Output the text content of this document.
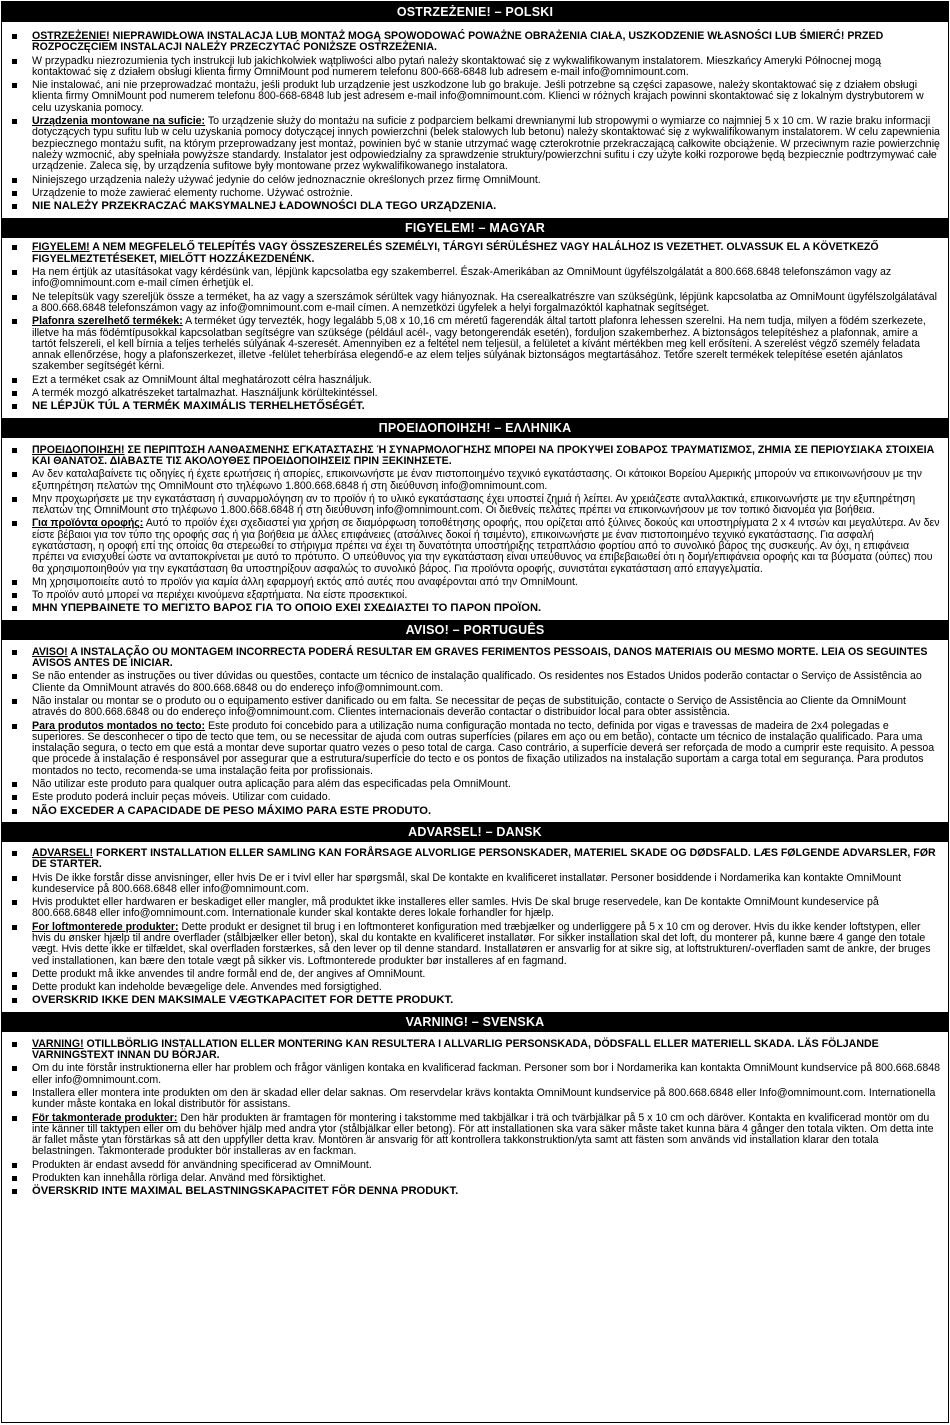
OSTRZEŻENIE! – POLSKI
OSTRZEŻENIE! NIEPRAWIDŁOWA INSTALACJA LUB MONTAŻ MOGĄ SPOWODOWAĆ POWAŻNE OBRAŻENIA CIAŁA, USZKODZENIE WŁASNOŚCI LUB ŚMIERĆ! PRZED ROZPOCZĘCIEM INSTALACJI NALEŻY PRZECZYTAĆ PONIŻSZE OSTRZEŻENIA.
W przypadku niezrozumienia tych instrukcji lub jakichkolwiek wątpliwości albo pytań należy skontaktować się z wykwalifikowanym instalatorem. Mieszkańcy Ameryki Północnej mogą kontaktować się z działem obsługi klienta firmy OmniMount pod numerem telefonu 800-668-6848 lub adresem e-mail info@omnimount.com.
Nie instalować, ani nie przeprowadzać montażu, jeśli produkt lub urządzenie jest uszkodzone lub go brakuje. Jeśli potrzebne są części zapasowe, należy skontaktować się z działem obsługi klienta firmy OmniMount pod numerem telefonu 800-668-6848 lub jest adresem e-mail info@omnimount.com. Klienci w różnych krajach powinni skontaktować się z lokalnym dystrybutorem w celu uzyskania pomocy.
Urządzenia montowane na suficie: To urządzenie służy do montażu na suficie z podparciem belkami drewnianymi lub stropowymi o wymiarze co najmniej 5 x 10 cm. W razie braku informacji dotyczących typu sufitu lub w celu uzyskania pomocy dotyczącej innych powierzchni (belek stalowych lub betonu) należy skontaktować się z wykwalifikowanym instalatorem. W celu zapewnienia bezpiecznego montażu sufit, na którym przeprowadzany jest montaż, powinien być w stanie utrzymać wagę czterokrotnie przekraczającą całkowite obciążenie. W przeciwnym razie powierzchnię należy wzmocnić, aby spełniała powyższe standardy. Instalator jest odpowiedzialny za sprawdzenie struktury/powierzchni sufitu i czy użyte kołki rozporowe będą bezpiecznie podtrzymywać całe urządzenie. Zaleca się, by urządzenia sufitowe były montowane przez wykwalifikowanego instalatora.
Niniejszego urządzenia należy używać jedynie do celów jednoznacznie określonych przez firmę OmniMount.
Urządzenie to może zawierać elementy ruchome. Używać ostrożnie.
NIE NALEŻY PRZEKRACZAĆ MAKSYMALNEJ ŁADOWNOŚCI DLA TEGO URZĄDZENIA.
FIGYELEM! – MAGYAR
FIGYELEM! A NEM MEGFELELŐ TELEPÍTÉS VAGY ÖSSZESZERELÉS SZEMÉLYI, TÁRGYI SÉRÜLÉSHEZ VAGY HALÁLHOZ IS VEZETHET. OLVASSUK EL A KÖVETKEZŐ FIGYELMEZTETÉSEKET, MIELŐTT HOZZÁKEZDENÉNK.
Ha nem értjük az utasításokat vagy kérdésünk van, lépjünk kapcsolatba egy szakemberrel. Észak-Amerikában az OmniMount ügyfélszolgálatát a 800.668.6848 telefonszámon vagy az info@omnimount.com e-mail címen érhetjük el.
Ne telepítsük vagy szereljük össze a terméket, ha az vagy a szerszámok sérültek vagy hiányoznak. Ha cserealkatrészre van szükségünk, lépjünk kapcsolatba az OmniMount ügyfélszolgálatával a 800.668.6848 telefonszámon vagy az info@omnimount.com e-mail címen. A nemzetközi ügyfelek a helyi forgalmazóktól kaphatnak segítséget.
Plafonra szerelhető termékek: A terméket úgy tervezték, hogy legalább 5,08 x 10,16 cm méretű fagerendák által tartott plafonra lehessen szerelni. Ha nem tudja, milyen a födém szerkezete, illetve ha más födémtípusokkal kapcsolatban segítségre van szüksége (például acél-, vagy betongerendák esetén), forduljon szakemberhez. A biztonságos telepítéshez a plafonnak, amire a tartót felszereli, el kell bírnia a teljes terhelés súlyának 4-szeresét. Amennyiben ez a feltétel nem teljesül, a felületet a kívánt mértékben meg kell erősíteni. A szerelést végző személy feladata annak ellenőrzése, hogy a plafonszerkezet, illetve -felület teherbírása elegendő-e az elem teljes súlyának biztonságos megtartásához. Tetőre szerelt termékek telepítése esetén ajánlatos szakember segítségét kérni.
Ezt a terméket csak az OmniMount által meghatározott célra használjuk.
A termék mozgó alkatrészeket tartalmazhat. Használjunk körültekintéssel.
NE LÉPJÜK TÚL A TERMÉK MAXIMÁLIS TERHELHETŐSÉGÉT.
ΠΡΟΕΙΔΟΠΟΙΗΣΗ! – ΕΛΛΗΝΙΚΑ
ΠΡΟΕΙΔΟΠΟΙΗΣΗ! ΣΕ ΠΕΡΙΠΤΩΣΗ ΛΑΝΘΑΣΜΕΝΗΣ ΕΓΚΑΤΑΣΤΑΣΗΣ Ή ΣΥΝΑΡΜΟΛΟΓΗΣΗΣ ΜΠΟΡΕΙ ΝΑ ΠΡΟΚΥΨΕΙ ΣΟΒΑΡΟΣ ΤΡΑΥΜΑΤΙΣΜΟΣ, ΖΗΜΙΑ ΣΕ ΠΕΡΙΟΥΣΙΑΚΑ ΣΤΟΙΧΕΙΑ ΚΑΙ ΘΑΝΑΤΟΣ. ΔΙΑΒΑΣΤΕ ΤΙΣ ΑΚΟΛΟΥΘΕΣ ΠΡΟΕΙΔΟΠΟΙΗΣΕΙΣ ΠΡΙΝ ΞΕΚΙΝΗΣΕΤΕ.
Αν δεν καταλαβαίνετε τις οδηγίες ή έχετε ερωτήσεις ή απορίες, επικοινωνήστε με έναν πιστοποιημένο τεχνικό εγκατάστασης. Οι κάτοικοι Βορείου Αμερικής μπορούν να επικοινωνήσουν με την εξυπηρέτηση πελατών της OmniMount στο τηλέφωνο 1.800.668.6848 ή στη διεύθυνση info@omnimount.com.
Μην προχωρήσετε με την εγκατάσταση ή συναρμολόγηση αν το προϊόν ή το υλικό εγκατάστασης έχει υποστεί ζημιά ή λείπει. Αν χρειάζεστε ανταλλακτικά, επικοινωνήστε με την εξυπηρέτηση πελατών της OmniMount στο τηλέφωνο 1.800.668.6848 ή στη διεύθυνση info@omnimount.com. Οι διεθνείς πελάτες πρέπει να επικοινωνήσουν με τον τοπικό διανομέα για βοήθεια.
Για προϊόντα οροφής: Αυτό το προϊόν έχει σχεδιαστεί για χρήση σε διαμόρφωση τοποθέτησης οροφής, που ορίζεται από ξύλινες δοκούς και υποστηρίγματα 2 x 4 ιντσών και μεγαλύτερα. Αν δεν είστε βέβαιοι για τον τύπο της οροφής σας ή για βοήθεια με άλλες επιφάνειες (ατσάλινες δοκοί ή τσιμέντο), επικοινωνήστε με έναν πιστοποιημένο τεχνικό εγκατάστασης. Για ασφαλή εγκατάσταση, η οροφή επί της οποίας θα στερεωθεί το στήριγμα πρέπει να έχει τη δυνατότητα υποστήριξης τετραπλάσιο φορτίου από το συνολικό βάρος της συσκευής. Αν όχι, η επιφάνεια πρέπει να ενισχυθεί ώστε να ανταποκρίνεται με αυτό το πρότυπο. Ο υπεύθυνος για την εγκατάσταση είναι υπεύθυνος να επιβεβαιωθεί ότι η δομή/επιφάνεια οροφής και τα βύσματα (ούπες) που θα χρησιμοποιηθούν για την εγκατάσταση θα υποστηρίξουν ασφαλώς το συνολικό βάρος. Για προϊόντα οροφής, συνιστάται εγκατάσταση από επαγγελματία.
Μη χρησιμοποιείτε αυτό το προϊόν για καμία άλλη εφαρμογή εκτός από αυτές που αναφέρονται από την OmniMount.
Το προϊόν αυτό μπορεί να περιέχει κινούμενα εξαρτήματα. Να είστε προσεκτικοί.
ΜΗΝ ΥΠΕΡΒΑΙΝΕΤΕ ΤΟ ΜΕΓΙΣΤΟ ΒΑΡΟΣ ΓΙΑ ΤΟ ΟΠΟΙΟ ΕΧΕΙ ΣΧΕΔΙΑΣΤΕΙ ΤΟ ΠΑΡΟΝ ΠΡΟΪΟΝ.
AVISO! – PORTUGUÊS
AVISO! A INSTALAÇÃO OU MONTAGEM INCORRECTA PODERÁ RESULTAR EM GRAVES FERIMENTOS PESSOAIS, DANOS MATERIAIS OU MESMO MORTE. LEIA OS SEGUINTES AVISOS ANTES DE INICIAR.
Se não entender as instruções ou tiver dúvidas ou questões, contacte um técnico de instalação qualificado. Os residentes nos Estados Unidos poderão contactar o Serviço de Assistência ao Cliente da OmniMount através do 800.668.6848 ou do endereço info@omnimount.com.
Não instalar ou montar se o produto ou o equipamento estiver danificado ou em falta. Se necessitar de peças de substituição, contacte o Serviço de Assistência ao Cliente da OmniMount através do 800.668.6848 ou do endereço info@omnimount.com. Clientes internacionais deverão contactar o distribuidor local para obter assistência.
Para produtos montados no tecto: Este produto foi concebido para a utilização numa configuração montada no tecto, definida por vigas e travessas de madeira de 2x4 polegadas e superiores. Se desconhecer o tipo de tecto que tem, ou se necessitar de ajuda com outras superfícies (pilares em aço ou em betão), contacte um técnico de instalação qualificado. Para uma instalação segura, o tecto em que está a montar deve suportar quatro vezes o peso total de carga. Caso contrário, a superfície deverá ser reforçada de modo a cumprir este requisito. A pessoa que procede à instalação é responsável por assegurar que a estrutura/superfície do tecto e os pontos de fixação utilizados na instalação suportam a carga total em segurança. Para produtos montados no tecto, recomenda-se uma instalação feita por profissionais.
Não utilizar este produto para qualquer outra aplicação para além das especificadas pela OmniMount.
Este produto poderá incluir peças móveis. Utilizar com cuidado.
NÃO EXCEDER A CAPACIDADE DE PESO MÁXIMO PARA ESTE PRODUTO.
ADVARSEL! – DANSK
ADVARSEL! FORKERT INSTALLATION ELLER SAMLING KAN FORÅRSAGE ALVORLIGE PERSONSKADER, MATERIEL SKADE OG DØDSFALD. LÆS FØLGENDE ADVARSLER, FØR DE STARTER.
Hvis De ikke forstår disse anvisninger, eller hvis De er i tvivl eller har spørgsmål, skal De kontakte en kvalificeret installatør. Personer bosiddende i Nordamerika kan kontakte OmniMount kundeservice på 800.668.6848 eller info@omnimount.com.
Hvis produktet eller hardwaren er beskadiget eller mangler, må produktet ikke installeres eller samles. Hvis De skal bruge reservedele, kan De kontakte OmniMount kundeservice på 800.668.6848 eller info@omnimount.com. Internationale kunder skal kontakte deres lokale forhandler for hjælp.
For loftmonterede produkter: Dette produkt er designet til brug i en loftmonteret konfiguration med træbjælker og underliggere på 5 x 10 cm og derover. Hvis du ikke kender loftstypen, eller hvis du ønsker hjælp til andre overflader (stålbjælker eller beton), skal du kontakte en kvalificeret installatør. For sikker installation skal det loft, du monterer på, kunne bære 4 gange den totale vægt. Hvis dette ikke er tilfældet, skal overfladen forstærkes, så den lever op til denne standard. Installatøren er ansvarlig for at sikre sig, at loftstrukturen/-overfladen samt de ankre, der bruges ved installationen, kan bære den totale vægt på sikker vis. Loftmonterede produkter bør installeres af en fagmand.
Dette produkt må ikke anvendes til andre formål end de, der angives af OmniMount.
Dette produkt kan indeholde bevægelige dele. Anvendes med forsigtighed.
OVERSKRID IKKE DEN MAKSIMALE VÆGTKAPACITET FOR DETTE PRODUKT.
VARNING! – SVENSKA
VARNING! OTILLBÖRLIG INSTALLATION ELLER MONTERING KAN RESULTERA I ALLVARLIG PERSONSKADA, DÖDSFALL ELLER MATERIELL SKADA. LÄS FÖLJANDE VARNINGSTEXT INNAN DU BÖRJAR.
Om du inte förstår instruktionerna eller har problem och frågor vänligen kontaka en kvalificerad fackman. Personer som bor i Nordamerika kan kontakta OmniMount kundservice på 800.668.6848 eller info@omnimount.com.
Installera eller montera inte produkten om den är skadad eller delar saknas. Om reservdelar krävs kontakta OmniMount kundservice på 800.668.6848 eller Info@omnimount.com. Internationella kunder måste kontaka en lokal distributör för assistans.
För takmonterade produkter: Den här produkten är framtagen för montering i takstomme med takbjälkar i trä och tvärbjälkar på 5 x 10 cm och däröver. Kontakta en kvalificerad montör om du inte känner till taktypen eller om du behöver hjälp med andra ytor (stålbjälkar eller betong). För att installationen ska vara säker måste taket kunna bära 4 gånger den totala vikten. Om detta inte är fallet måste ytan förstärkas så att den uppfyller detta krav. Montören är ansvarig för att kontrollera takkonstruktion/yta samt att fästen som används vid installation klarar den totala belastningen. Takmonterade produkter bör installeras av en fackman.
Produkten är endast avsedd för användning specificerad av OmniMount.
Produkten kan innehålla rörliga delar. Använd med försiktighet.
ÖVERSKRID INTE MAXIMAL BELASTNINGSKAPACITET FÖR DENNA PRODUKT.
